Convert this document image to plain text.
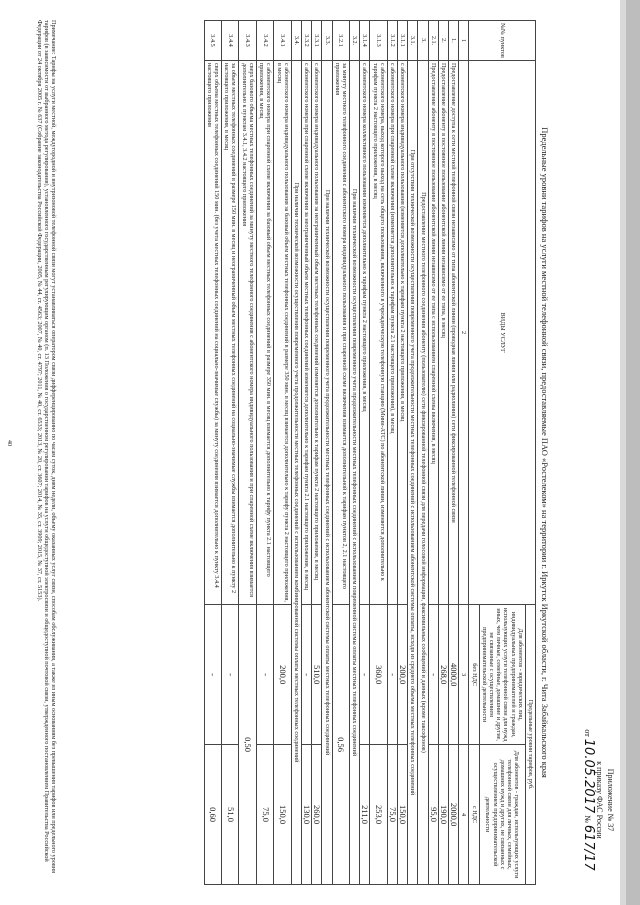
Приложение № 37
к приказу ФАС России
от 10.05.2017 № 617/17
Предельные уровни тарифов на услуги местной телефонной связи, предоставляемые ПАО «Ростелеком» на территории г. Иркутск Иркутской области, г. Чита Забайкальского края
№№ пунктов	ВИДЫ УСЛУГ	Предельные уровни тарифов, руб.	
		Для абонентов - юридических лиц, индивидуальных предпринимателей и граждан, использующих услуги телефонной связи для нужд иных, чем личные, семейные, домашние и другие, не связанные с осуществлением предпринимательской деятельности	Для абонентов - граждан, использующих услуги телефонной связи для личных, семейных, домашних нужд и других, не связанных с осуществлением предпринимательской деятельности
		без НДС	с НДС
1	2	3	4
1.	Предоставление доступа к сети местной телефонной связи независимо от типа абонентской линии (проводная линия или радиолиния) сети фиксированной телефонной связи	4000,0	2000,0
2.	Предоставление абоненту в постоянное пользование абонентской линии независимо от ее типа, в месяц	268,0	190,0
2.1.	Предоставление абоненту в постоянное пользование абонентской линии независимо от ее типа с использованием спаренной схемы включения, в месяц	-	95,0
3.	Предоставление местного телефонного соединения абоненту (пользователю) сети фиксированной телефонной связи для передачи голосовой информации, факсимильных сообщений и данных (кроме таксофонов)		
3.1.	При отсутствии технической возможности осуществления повременного учета продолжительности местных телефонных соединений с использованием абонентской системы оплаты, исходя из среднего объема местных телефонных соединений		
3.1.1	с абонентского номера индивидуального пользования (изменяется дополнительно к тарифам пункта 2 настоящего приложения, в месяц	200,0	150,0
3.1.2	с абонентского номера при спаренной схеме включения (изменяется дополнительно к тарифам пункта 2.1 настоящего приложения), в месяц	-	75,0
3.1.3	с абонентского номера, выход которого выход на сеть общего пользования, включенного в учрежденческую телефонную станцию (Мини-АТС) по абонентской линии, изменяется дополнительно к тарифам пункта 2 настоящего приложения, в месяц	360,0	253,0
3.1.4	с абонентского номера коллективного пользования изменяется дополнительно к тарифам пункта 2 настоящего приложения, в месяц	-	211,0
3.2.	При наличии технической возможности осуществления повременного учета продолжительности местных телефонных соединений с использованием повременной системы оплаты местных телефонных соединений		
3.2.1	за минуту местного телефонного соединения с абонентского номера индивидуального пользования и при спаренной схеме включения взимается дополнительной к тарифам пунктов 2, 2.1 настоящего приложения	0,56	
3.3.	При наличии технической возможности осуществления повременного учета продолжительности местных телефонных соединений с использованием абонентской системы оплаты местных телефонных соединений		
3.3.1	с абонентского номера индивидуального пользования за неограниченный объем местных телефонных соединений изменяется дополнительно к тарифам пункта 2 настоящего приложения, в месяц	510,0	260,0
3.3.2	с абонентского номера при спаренной схеме включения за неограниченный объем местных телефонных соединений изменяется дополнительно к тарифам пункта 2.1 настоящего приложения, в месяц	-	130,0
3.4.	При наличии технической возможности осуществления повременного учета продолжительности местных телефонных соединений с использованием комбинированной системы оплаты местных телефонных соединений		
3.4.1	с абонентского номера индивидуального пользования за базовый объем местных телефонных соединений в размере 350 мин. в месяц взимается дополнительно к тарифу пункта 2 настоящего приложения, в месяц	200,0	150,0
3.4.2	с абонентского номера при спаренной схеме включения за базовый объем местных телефонных соединений в размере 350 мин. в месяц взимается дополнительно к тарифу пункта 2.1 настоящего приложения, в месяц	-	75,0
3.4.3	сверх базового объема местных телефонных соединений за минуту местного телефонного соединения с абонентского номера индивидуального пользования и при спаренной схеме включения взимается дополнительно к пунктам 3.4.1, 3.4.2 настоящего приложения	0,50	
3.4.4	за объем местных телефонных соединений в размере 150 мин. в месяц и неограниченный объем местных телефонных соединений на социально-значимые службы взимается дополнительно к пункту 2 настоящего приложения, в месяц	-	51,0
3.4.5	сверх объема местных телефонных соединений 150 мин. (без учета местных телефонных соединений на социально-значимые службы) за минуту соединения взимается дополнительно к пункту 3.4.4 настоящего приложения	-	0,60
Примечание: Тарифы на услуги местной, междугородной и внутризоновой телефонной связи могут устанавливаться оператором связи дифференцированно по часам суток, дням недели, объему оказанных услуг связи, способам обслуживания, а также из иным основаниям без превышения тарифов или предельного уровня тарифов (в зависимости от выбранного метода регулирования), установленного государственным регулирующим органом (п. 13 Положения о государственном регулировании тарифов на услуги общедоступной электросвязи и общедоступной почтовой связи, утвержденного постановлением Правительства Российской Федерации от 24 октября 2005 г. № 637 (Собрание законодательства Российской Федерации, 2005, № 44, ст. 4563; 2007, № 40, ст. 4797; 2011, № 40, ст. 6533; 2013, № 20, ст. 3607; 2014, № 35, ст. 3909; 2015, № 37, ст. 5153).
40
